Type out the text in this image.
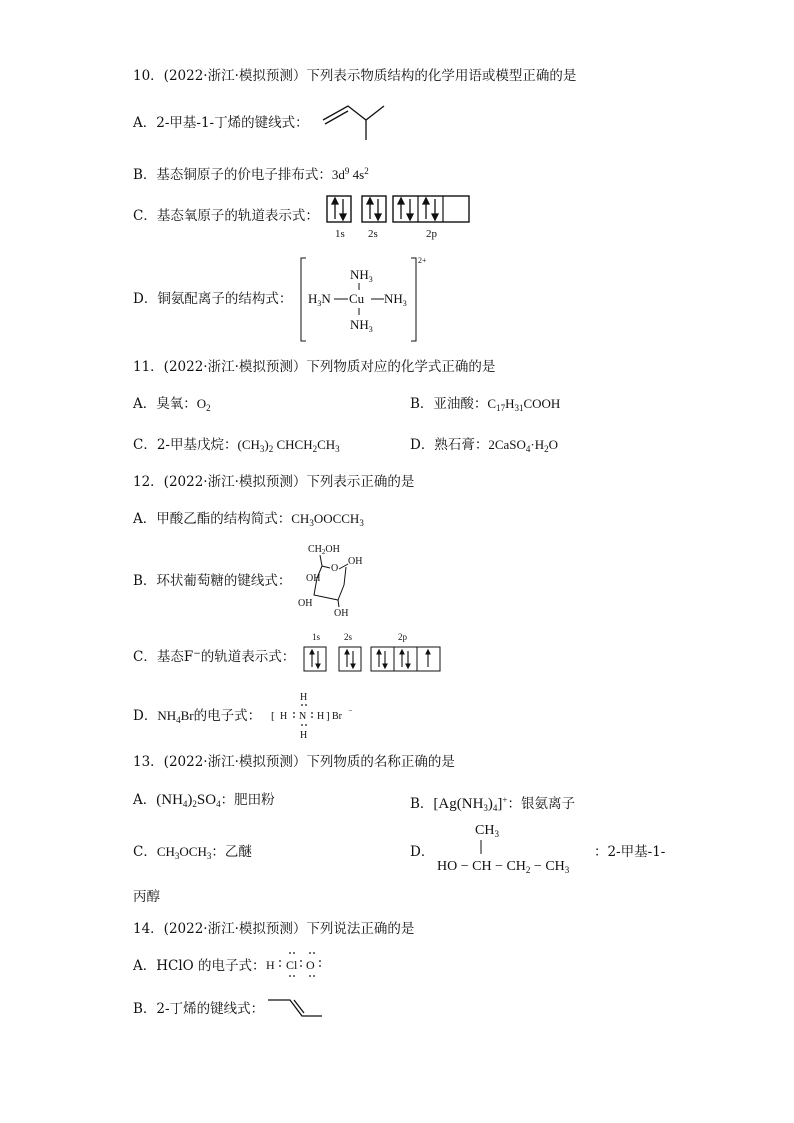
10．(2022·浙江·模拟预测）下列表示物质结构的化学用语或模型正确的是
A．2-甲基-1-丁烯的键线式：
B．基态铜原子的价电子排布式：$3d^9$ $4s^2$
C．基态氧原子的轨道表示式：
1s 2s	2p
D．铜氨配离子的结构式：
2+
$NH_3$
$H_3N$ Cu $NH_3$
$NH_3$
11．(2022·浙江·模拟预测）下列物质对应的化学式正确的是
A．臭氧：$O_2$	B．亚油酸：$C_{17}H_{31}COOH$
C．2-甲基戊烷：$(CH_3)_2$ $CHCH_2CH_3$	D．熟石膏：$2CaSO_4\cdot H_2O$
12．(2022·浙江·模拟预测）下列表示正确的是
A．甲酸乙酯的结构简式：$CH_3OOCCH_3$
B．环状葡萄糖的键线式：
$CH_2OH$
O
OH
OH
OH
OH
C．基态F−的轨道表示式：
1s	2s	2p
D．$NH_4Br$的电子式： [ H
H
N
H
H ] Br ⁻
13．(2022·浙江·模拟预测）下列物质的名称正确的是
A．$(NH_4)_2SO_4$：肥田粉	B．$[Ag(NH_3)_4]^+$：银氨离子
C．$CH_3OCH_3$：乙醚	D．
$CH_3$
HO − CH − $CH_2 - CH_3$
：2-甲基-1-
丙醇
14．(2022·浙江·模拟预测）下列说法正确的是
A．HClO 的电子式： H Cl O
B．2-丁烯的键线式：
